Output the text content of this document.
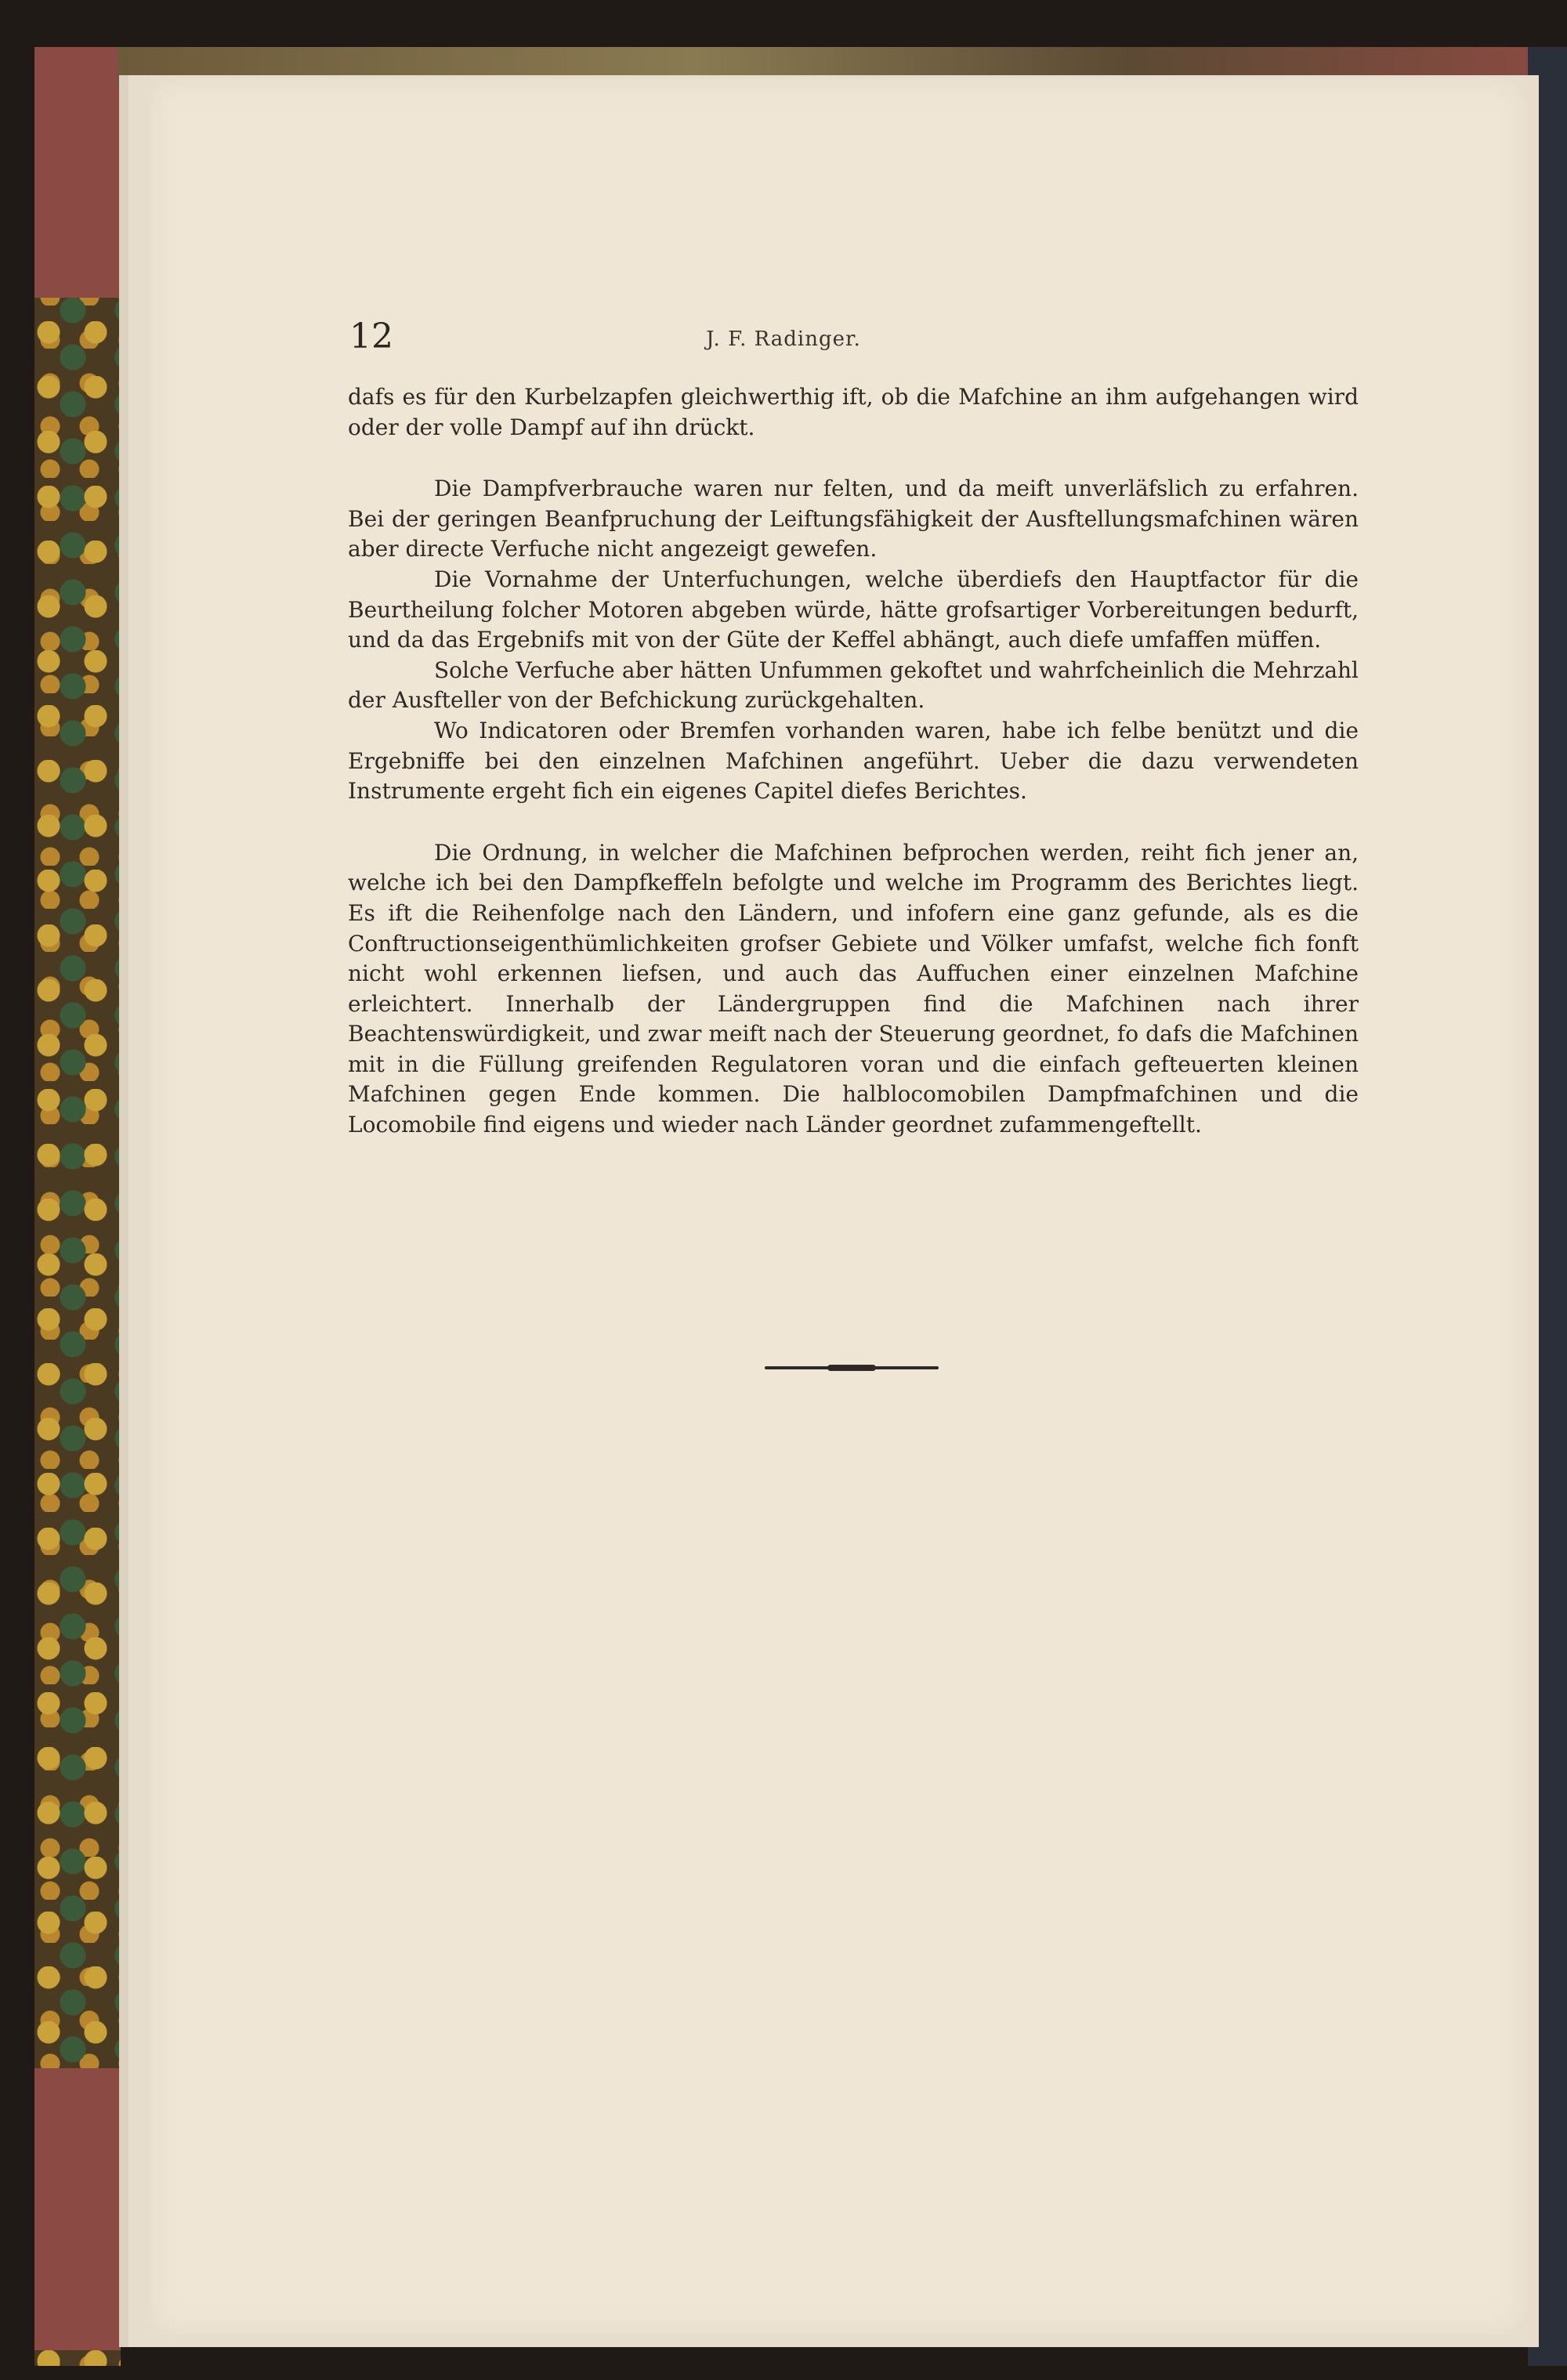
12	J. F. Radinger.

dafs es für den Kurbelzapfen gleichwerthig ift, ob die Mafchine an ihm aufgehangen wird oder der volle Dampf auf ihn drückt.

Die Dampfverbrauche waren nur felten, und da meift unverläfslich zu erfahren. Bei der geringen Beanfpruchung der Leiftungsfähigkeit der Ausftellungsmafchinen wären aber directe Verfuche nicht angezeigt gewefen.

Die Vornahme der Unterfuchungen, welche überdiefs den Hauptfactor für die Beurtheilung folcher Motoren abgeben würde, hätte grofsartiger Vorbereitungen bedurft, und da das Ergebnifs mit von der Güte der Keffel abhängt, auch diefe umfaffen müffen.

Solche Verfuche aber hätten Unfummen gekoftet und wahrfcheinlich die Mehrzahl der Ausfteller von der Befchickung zurückgehalten.

Wo Indicatoren oder Bremfen vorhanden waren, habe ich felbe benützt und die Ergebniffe bei den einzelnen Mafchinen angeführt. Ueber die dazu verwendeten Instrumente ergeht fich ein eigenes Capitel diefes Berichtes.

Die Ordnung, in welcher die Mafchinen befprochen werden, reiht fich jener an, welche ich bei den Dampfkeffeln befolgte und welche im Programm des Berichtes liegt. Es ift die Reihenfolge nach den Ländern, und infofern eine ganz gefunde, als es die Conftructionseigenthümlichkeiten grofser Gebiete und Völker umfafst, welche fich fonft nicht wohl erkennen liefsen, und auch das Auffuchen einer einzelnen Mafchine erleichtert. Innerhalb der Ländergruppen find die Mafchinen nach ihrer Beachtenswürdigkeit, und zwar meift nach der Steuerung geordnet, fo dafs die Mafchinen mit in die Füllung greifenden Regulatoren voran und die einfach gefteuerten kleinen Mafchinen gegen Ende kommen. Die halblocomobilen Dampfmafchinen und die Locomobile find eigens und wieder nach Länder geordnet zufammengeftellt.
